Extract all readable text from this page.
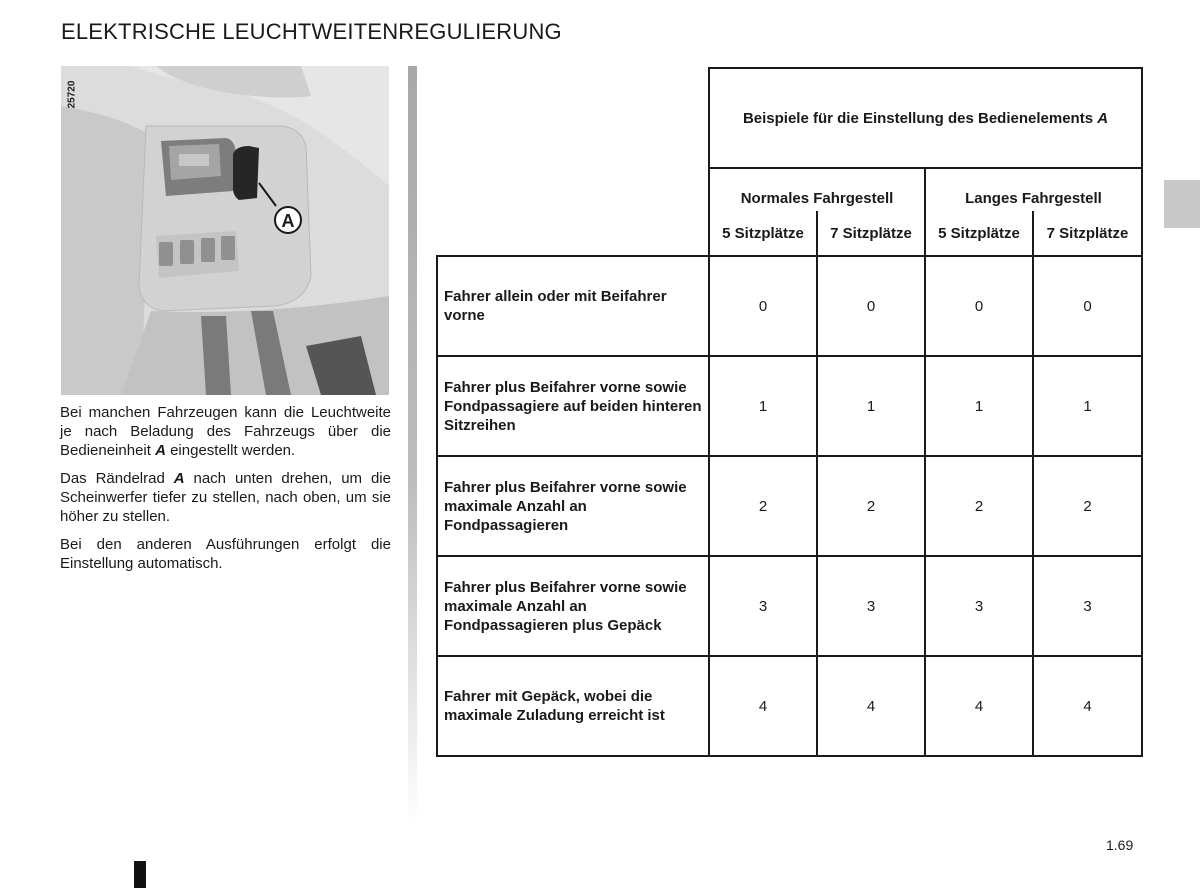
ELEKTRISCHE LEUCHTWEITENREGULIERUNG
A
25720
Bei manchen Fahrzeugen kann die Leuchtweite je nach Beladung des Fahrzeugs über die Bedieneinheit A eingestellt werden.
Das Rändelrad A nach unten drehen, um die Scheinwerfer tiefer zu stellen, nach oben, um sie höher zu stellen.
Bei den anderen Ausführungen erfolgt die Einstellung automatisch.
	Beispiele für die Einstellung des Bedienelements A			
	Normales Fahrgestell		Langes Fahrgestell	
	5 Sitzplätze	7 Sitzplätze	5 Sitzplätze	7 Sitzplätze
Fahrer allein oder mit Beifahrer vorne	0	0	0	0
Fahrer plus Beifahrer vorne sowie Fondpassagiere auf beiden hinteren Sitzreihen	1	1	1	1
Fahrer plus Beifahrer vorne sowie maximale Anzahl an Fondpassagieren	2	2	2	2
Fahrer plus Beifahrer vorne sowie maximale Anzahl an Fondpassagieren plus Gepäck	3	3	3	3
Fahrer mit Gepäck, wobei die maximale Zuladung erreicht ist	4	4	4	4
1.69
